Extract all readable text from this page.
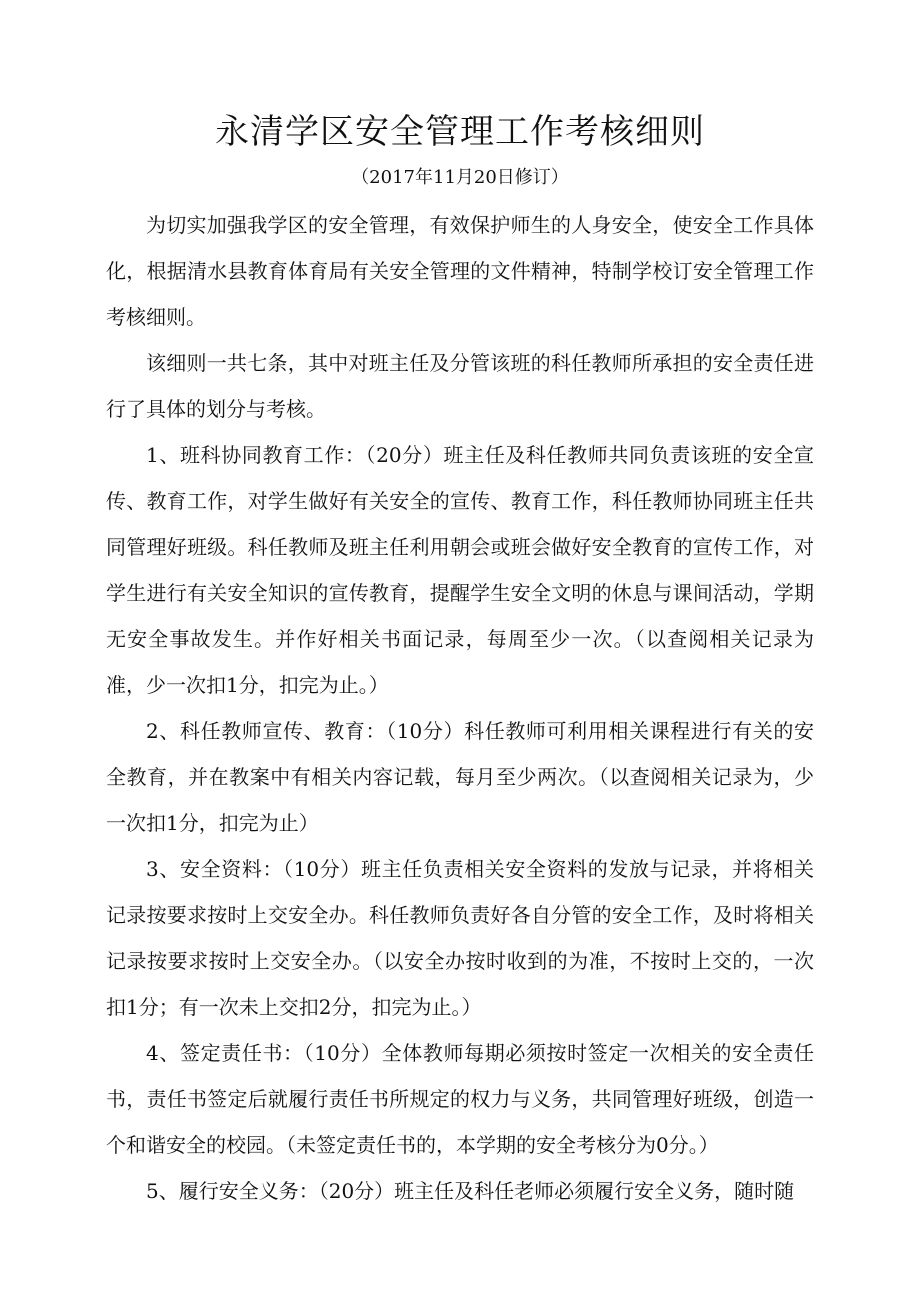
永清学区安全管理工作考核细则
（2017年11月20日修订）

为切实加强我学区的安全管理，有效保护师生的人身安全，使安全工作具体化，根据清水县教育体育局有关安全管理的文件精神，特制学校订安全管理工作考核细则。

该细则一共七条，其中对班主任及分管该班的科任教师所承担的安全责任进行了具体的划分与考核。

1、班科协同教育工作：（20分）班主任及科任教师共同负责该班的安全宣传、教育工作，对学生做好有关安全的宣传、教育工作，科任教师协同班主任共同管理好班级。科任教师及班主任利用朝会或班会做好安全教育的宣传工作，对学生进行有关安全知识的宣传教育，提醒学生安全文明的休息与课间活动，学期无安全事故发生。并作好相关书面记录，每周至少一次。（以查阅相关记录为准，少一次扣1分，扣完为止。）

2、科任教师宣传、教育：（10分）科任教师可利用相关课程进行有关的安全教育，并在教案中有相关内容记载，每月至少两次。（以查阅相关记录为，少一次扣1分，扣完为止）

3、安全资料：（10分）班主任负责相关安全资料的发放与记录，并将相关记录按要求按时上交安全办。科任教师负责好各自分管的安全工作，及时将相关记录按要求按时上交安全办。（以安全办按时收到的为准，不按时上交的，一次扣1分；有一次未上交扣2分，扣完为止。）

4、签定责任书：（10分）全体教师每期必须按时签定一次相关的安全责任书，责任书签定后就履行责任书所规定的权力与义务，共同管理好班级，创造一个和谐安全的校园。（未签定责任书的，本学期的安全考核分为0分。）

5、履行安全义务：（20分）班主任及科任老师必须履行安全义务，随时随
